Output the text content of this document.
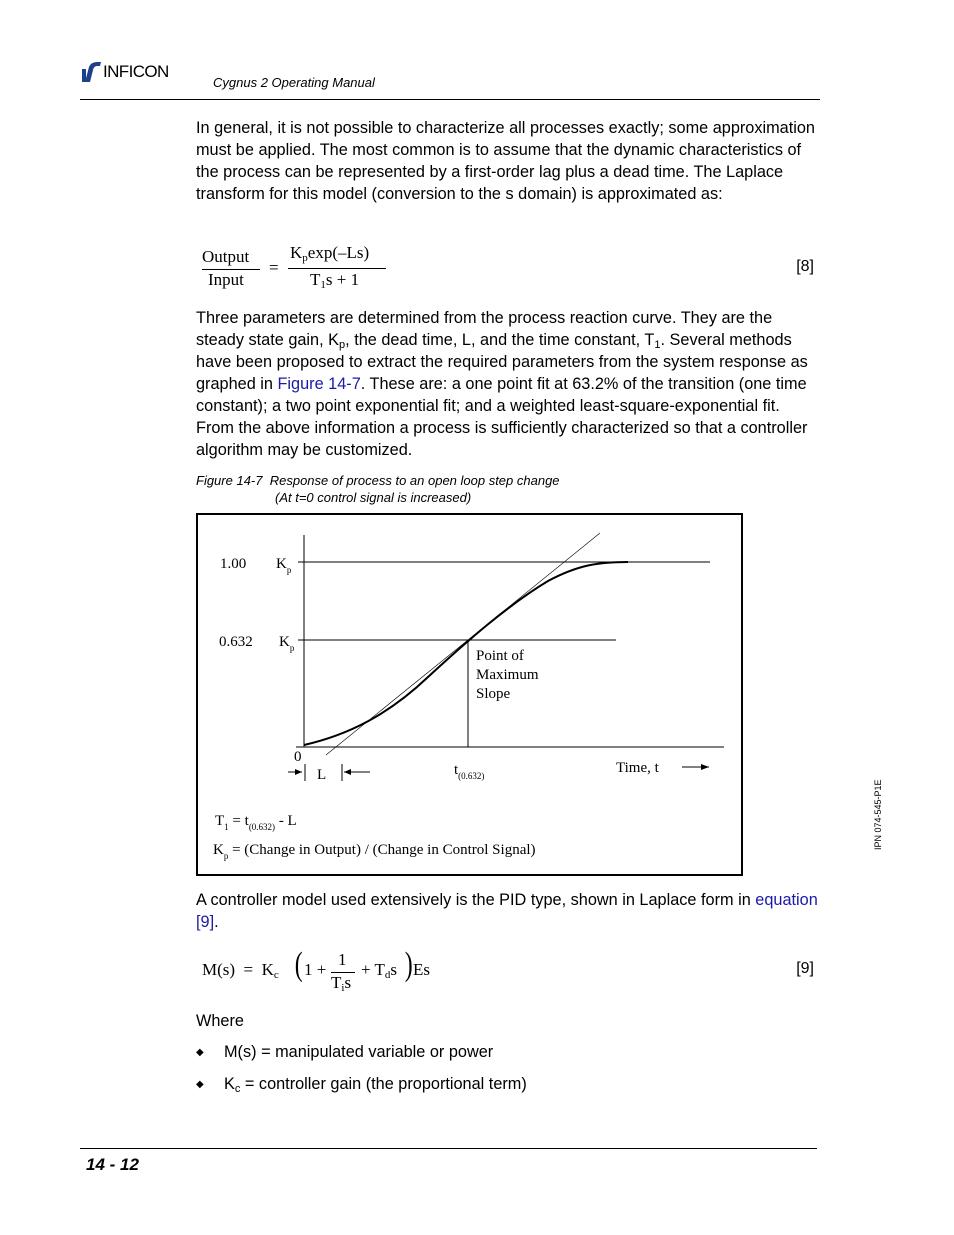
INFICON
Cygnus 2 Operating Manual

In general, it is not possible to characterize all processes exactly; some approximation must be applied. The most common is to assume that the dynamic characteristics of the process can be represented by a first-order lag plus a dead time. The Laplace transform for this model (conversion to the s domain) is approximated as:

Output
Input
=
$K_p\exp(-Ls)$
$T_1s + 1$
[8]

Three parameters are determined from the process reaction curve. They are the steady state gain, $K_p$, the dead time, L, and the time constant, $T_1$. Several methods have been proposed to extract the required parameters from the system response as graphed in Figure 14-7. These are: a one point fit at 63.2% of the transition (one time constant); a two point exponential fit; and a weighted least-square-exponential fit. From the above information a process is sufficiently characterized so that a controller algorithm may be customized.

Figure 14-7 Response of process to an open loop step change
(At t=0 control signal is increased)
1.00 $K_p$
0.632 $K_p$
0
Point of
Maximum
Slope
L	$t_{(0.632)}$	Time, t
$T_1 = t_{(0.632)} - L$
$K_p$ = (Change in Output) / (Change in Control Signal)

A controller model used extensively is the PID type, shown in Laplace form in equation [9].

$M(s) = K_c$ ( 1 +
1
$T_is$
+ $T_ds$ ) Es	[9]
Where
◆ M(s) = manipulated variable or power
◆ $K_c$ = controller gain (the proportional term)
IPN 074-545-P1E
14 - 12
